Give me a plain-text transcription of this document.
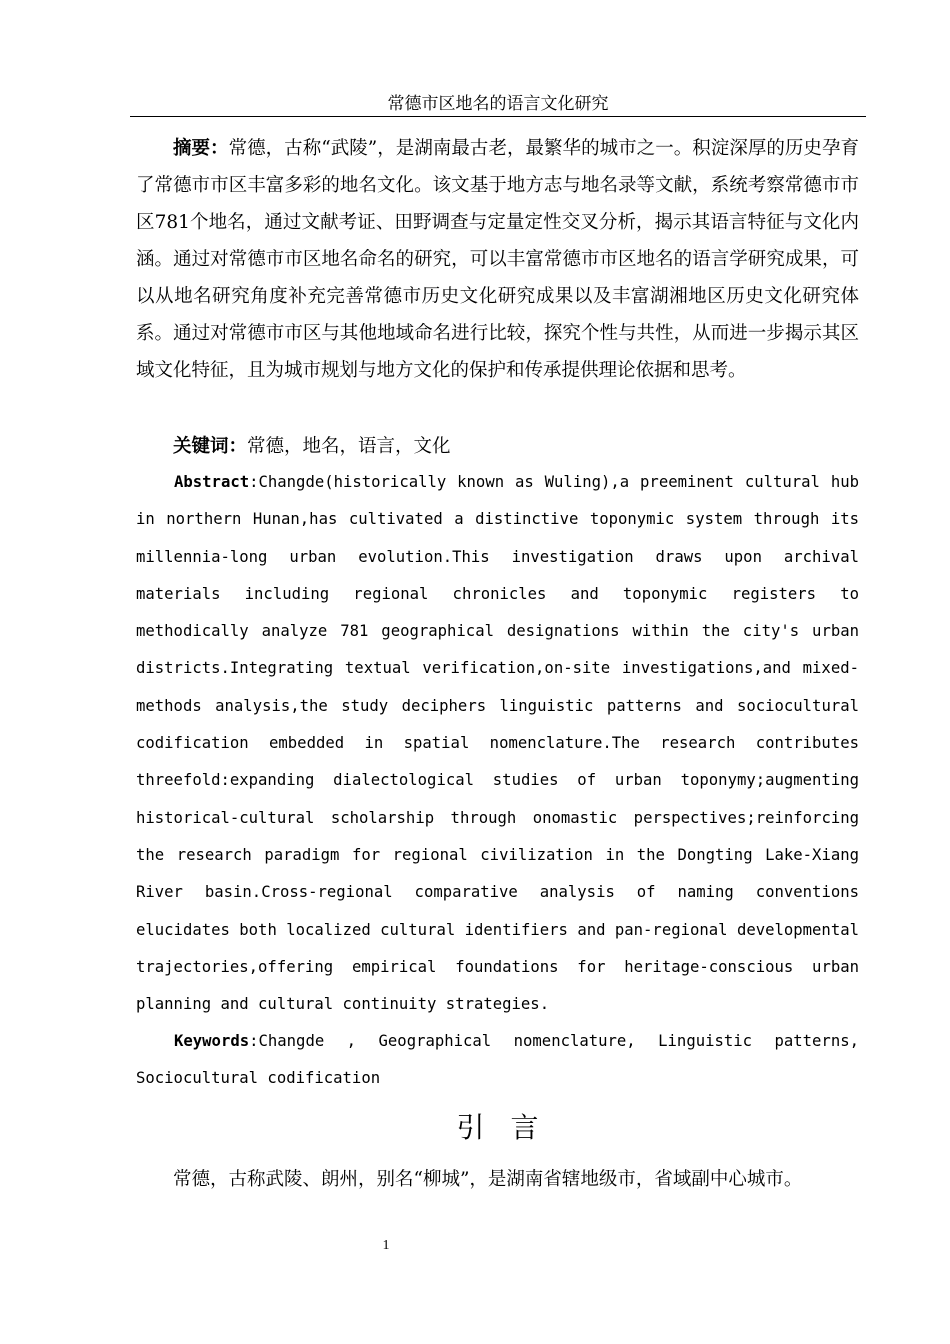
常德市区地名的语言文化研究

摘要：常德，古称“武陵”，是湖南最古老，最繁华的城市之一。积淀深厚的历史孕育了常德市市区丰富多彩的地名文化。该文基于地方志与地名录等文献，系统考察常德市市区781个地名，通过文献考证、田野调查与定量定性交叉分析，揭示其语言特征与文化内涵。通过对常德市市区地名命名的研究，可以丰富常德市市区地名的语言学研究成果，可以从地名研究角度补充完善常德市历史文化研究成果以及丰富湖湘地区历史文化研究体系。通过对常德市市区与其他地域命名进行比较，探究个性与共性，从而进一步揭示其区域文化特征，且为城市规划与地方文化的保护和传承提供理论依据和思考。

关键词：常德，地名，语言，文化

Abstract:Changde(historically known as Wuling),a preeminent cultural hub in northern Hunan,has cultivated a distinctive toponymic system through its millennia-long urban evolution.This investigation draws upon archival materials including regional chronicles and toponymic registers to methodically analyze 781 geographical designations within the city's urban districts.Integrating textual verification,on-site investigations,and mixed-methods analysis,the study deciphers linguistic patterns and sociocultural codification embedded in spatial nomenclature.The research contributes threefold:expanding dialectological studies of urban toponymy;augmenting historical-cultural scholarship through onomastic perspectives;reinforcing the research paradigm for regional civilization in the Dongting Lake-Xiang River basin.Cross-regional comparative analysis of naming conventions elucidates both localized cultural identifiers and pan-regional developmental trajectories,offering empirical foundations for heritage-conscious urban planning and cultural continuity strategies.

Keywords:Changde , Geographical nomenclature, Linguistic patterns, Sociocultural codification

引言

常德，古称武陵、朗州，别名“柳城”，是湖南省辖地级市，省域副中心城市。

1
